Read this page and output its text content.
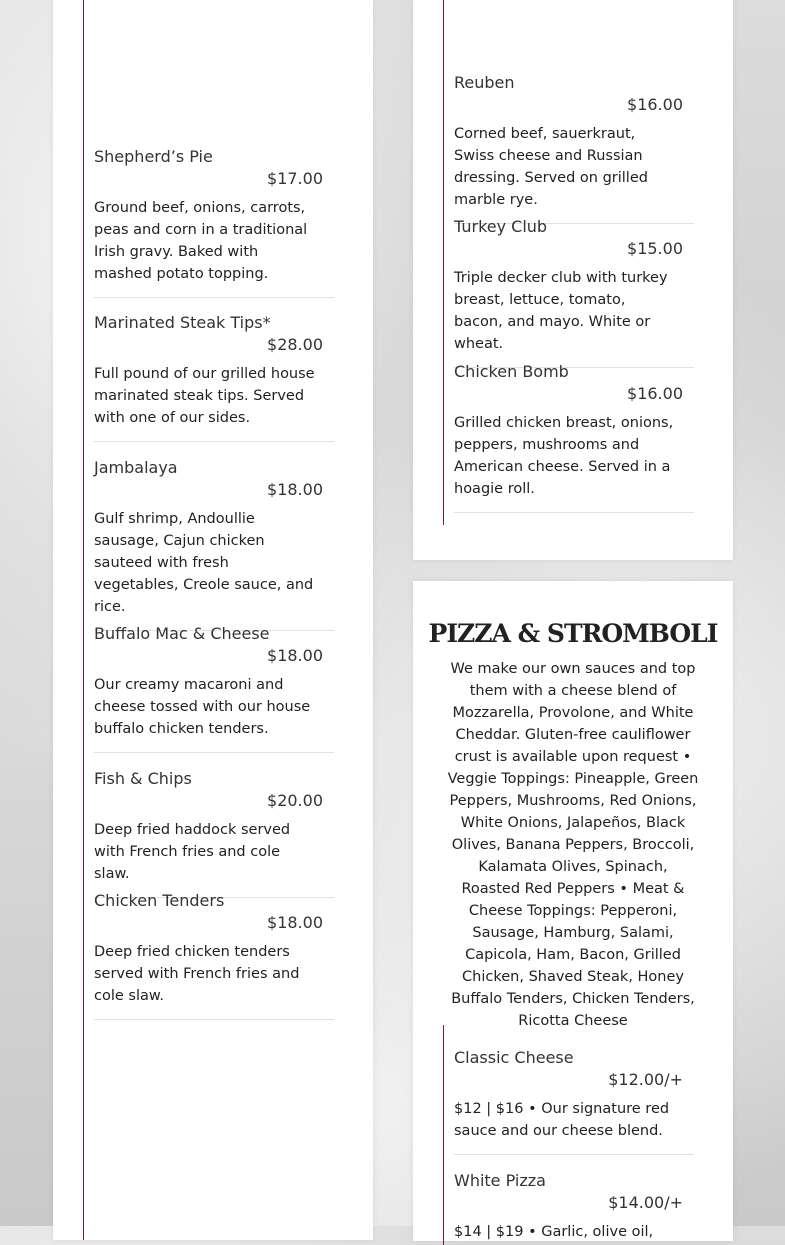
Shepherd’s Pie
$17.00
Ground beef, onions, carrots, peas and corn in a traditional Irish gravy. Baked with mashed potato topping.
Marinated Steak Tips*
$28.00
Full pound of our grilled house marinated steak tips. Served with one of our sides.
Jambalaya
$18.00
Gulf shrimp, Andoullie sausage, Cajun chicken sauteed with fresh vegetables, Creole sauce, and rice.
Buffalo Mac & Cheese
$18.00
Our creamy macaroni and cheese tossed with our house buffalo chicken tenders.
Fish & Chips
$20.00
Deep fried haddock served with French fries and cole slaw.
Chicken Tenders
$18.00
Deep fried chicken tenders served with French fries and cole slaw.
Reuben
$16.00
Corned beef, sauerkraut, Swiss cheese and Russian dressing. Served on grilled marble rye.
Turkey Club
$15.00
Triple decker club with turkey breast, lettuce, tomato, bacon, and mayo. White or wheat.
Chicken Bomb
$16.00
Grilled chicken breast, onions, peppers, mushrooms and American cheese. Served in a hoagie roll.
PIZZA & STROMBOLI
We make our own sauces and top them with a cheese blend of Mozzarella, Provolone, and White Cheddar. Gluten-free cauliflower crust is available upon request • Veggie Toppings: Pineapple, Green Peppers, Mushrooms, Red Onions, White Onions, Jalapeños, Black Olives, Banana Peppers, Broccoli, Kalamata Olives, Spinach, Roasted Red Peppers • Meat & Cheese Toppings: Pepperoni, Sausage, Hamburg, Salami, Capicola, Ham, Bacon, Grilled Chicken, Shaved Steak, Honey Buffalo Tenders, Chicken Tenders, Ricotta Cheese
Classic Cheese
$12.00/+
$12 | $16 • Our signature red sauce and our cheese blend.
White Pizza
$14.00/+
$14 | $19 • Garlic, olive oil,
